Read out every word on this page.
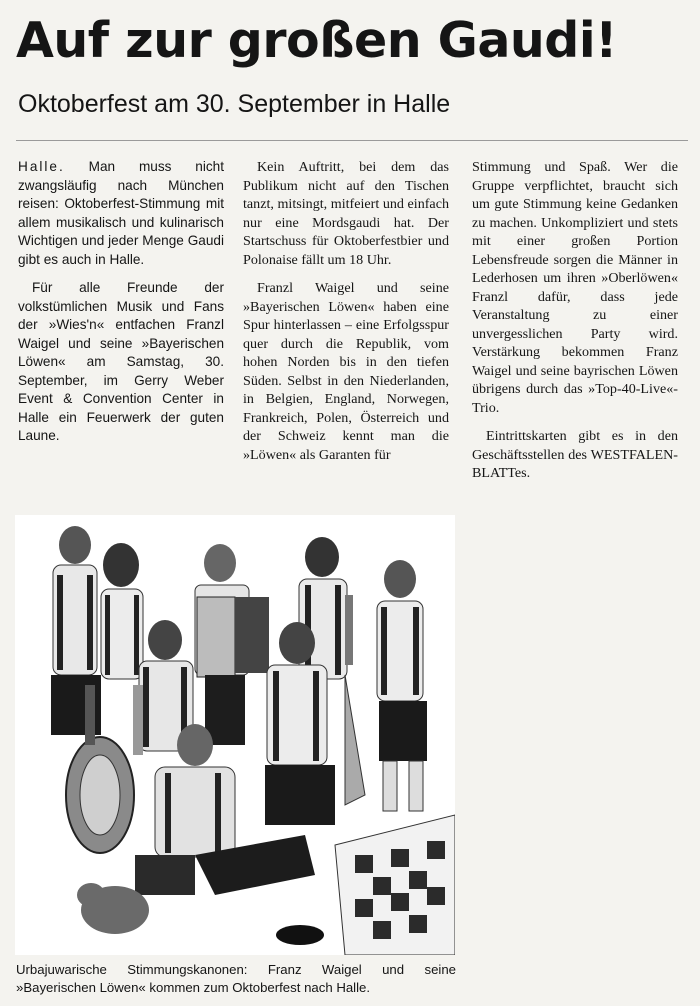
Auf zur großen Gaudi!
Oktoberfest am 30. September in Halle

Halle. Man muss nicht zwangsläufig nach München reisen: Oktoberfest-Stimmung mit allem musikalisch und kulinarisch Wichtigen und jeder Menge Gaudi gibt es auch in Halle.

Für alle Freunde der volkstümlichen Musik und Fans der »Wies'n« entfachen Franzl Waigel und seine »Bayerischen Löwen« am Samstag, 30. September, im Gerry Weber Event & Convention Center in Halle ein Feuerwerk der guten Laune.

Kein Auftritt, bei dem das Publikum nicht auf den Tischen tanzt, mitsingt, mitfeiert und einfach nur eine Mordsgaudi hat. Der Startschuss für Oktoberfestbier und Polonaise fällt um 18 Uhr.

Franzl Waigel und seine »Bayerischen Löwen« haben eine Spur hinterlassen – eine Erfolgsspur quer durch die Republik, vom hohen Norden bis in den tiefen Süden. Selbst in den Niederlanden, in Belgien, England, Norwegen, Frankreich, Polen, Österreich und der Schweiz kennt man die »Löwen« als Garanten für

Stimmung und Spaß. Wer die Gruppe verpflichtet, braucht sich um gute Stimmung keine Gedanken zu machen. Unkompliziert und stets mit einer großen Portion Lebensfreude sorgen die Männer in Lederhosen um ihren »Oberlöwen« Franzl dafür, dass jede Veranstaltung zu einer unvergesslichen Party wird. Verstärkung bekommen Franz Waigel und seine bayrischen Löwen übrigens durch das »Top-40-Live«-Trio.

Eintrittskarten gibt es in den Geschäftsstellen des WESTFALEN-BLATTes.

Urbajuwarische Stimmungskanonen: Franz Waigel und seine »Bayerischen Löwen« kommen zum Oktoberfest nach Halle.
